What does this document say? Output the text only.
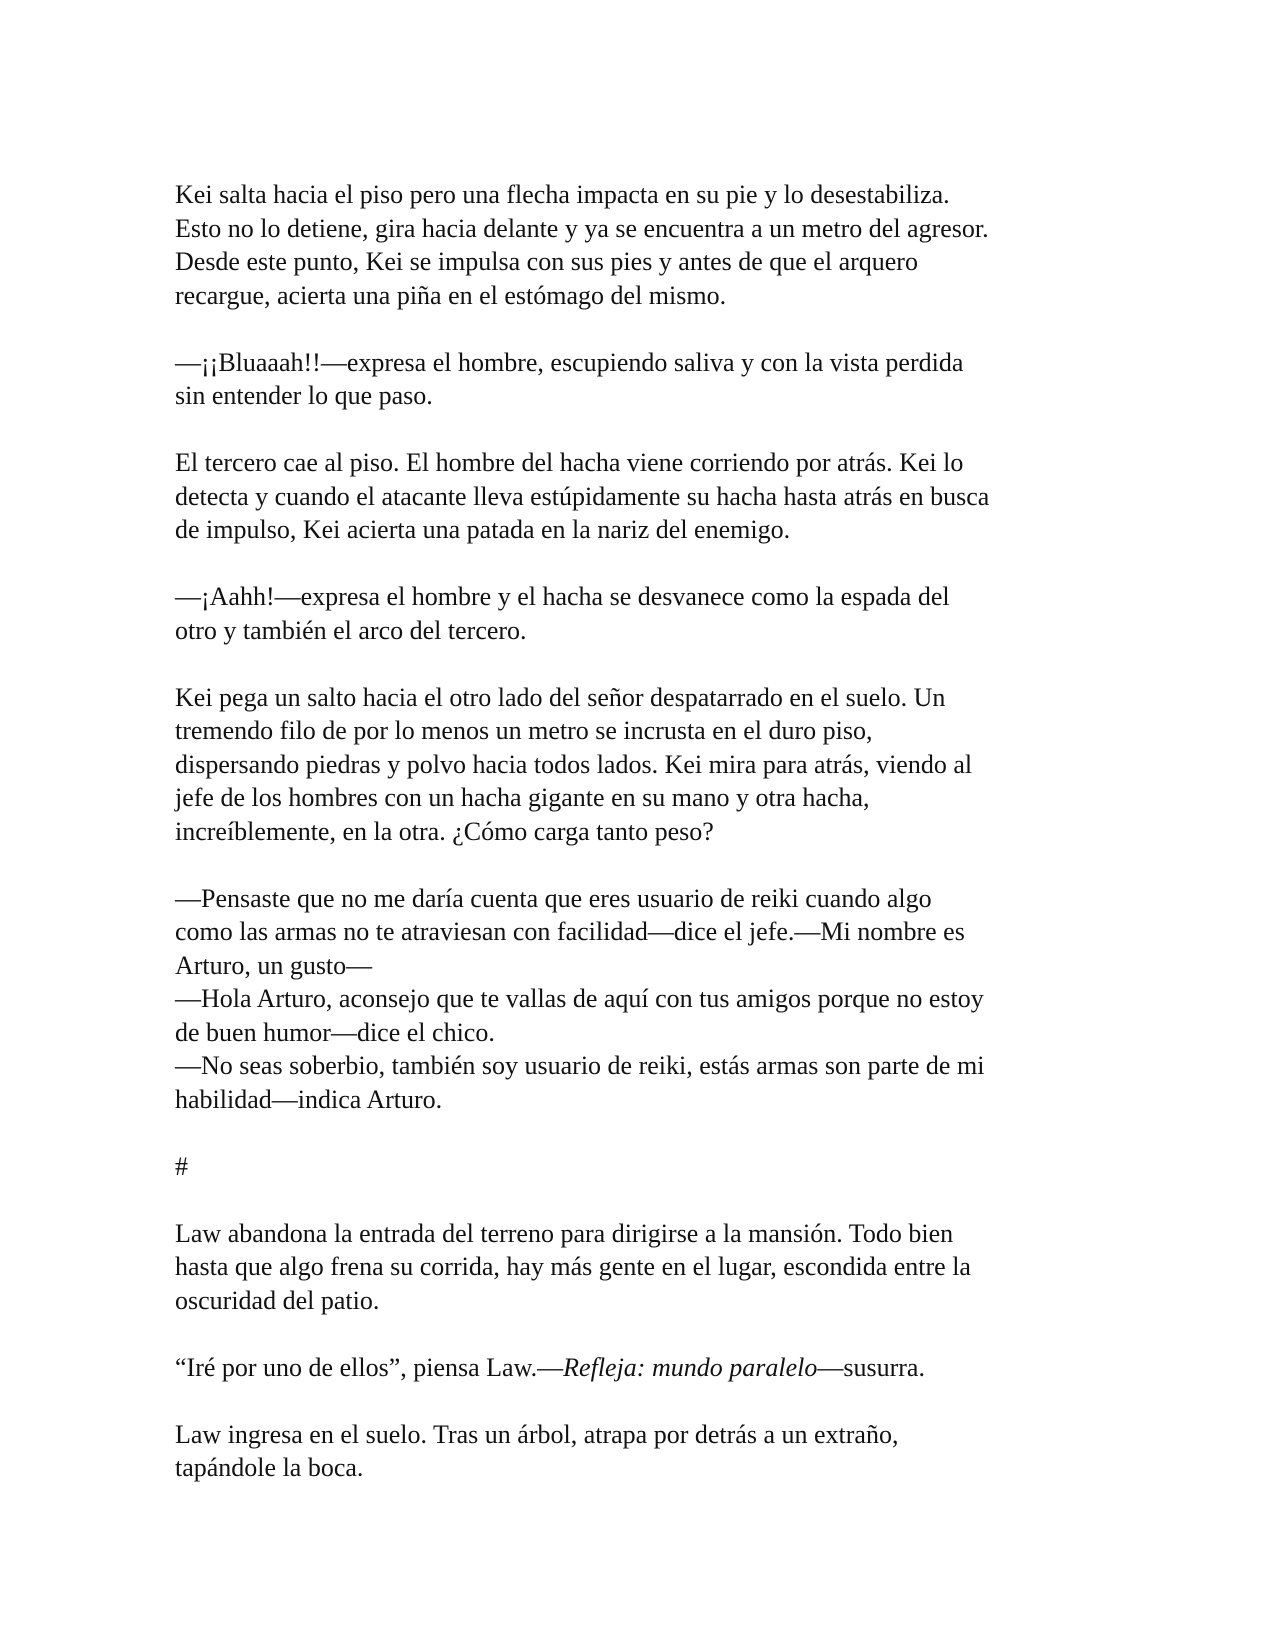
Kei salta hacia el piso pero una flecha impacta en su pie y lo desestabiliza.
Esto no lo detiene, gira hacia delante y ya se encuentra a un metro del agresor.
Desde este punto, Kei se impulsa con sus pies y antes de que el arquero
recargue, acierta una piña en el estómago del mismo.

—¡¡Bluaaah!!—expresa el hombre, escupiendo saliva y con la vista perdida
sin entender lo que paso.

El tercero cae al piso. El hombre del hacha viene corriendo por atrás. Kei lo
detecta y cuando el atacante lleva estúpidamente su hacha hasta atrás en busca
de impulso, Kei acierta una patada en la nariz del enemigo.

—¡Aahh!—expresa el hombre y el hacha se desvanece como la espada del
otro y también el arco del tercero.

Kei pega un salto hacia el otro lado del señor despatarrado en el suelo. Un
tremendo filo de por lo menos un metro se incrusta en el duro piso,
dispersando piedras y polvo hacia todos lados. Kei mira para atrás, viendo al
jefe de los hombres con un hacha gigante en su mano y otra hacha,
increíblemente, en la otra. ¿Cómo carga tanto peso?

—Pensaste que no me daría cuenta que eres usuario de reiki cuando algo
como las armas no te atraviesan con facilidad—dice el jefe.—Mi nombre es
Arturo, un gusto—
—Hola Arturo, aconsejo que te vallas de aquí con tus amigos porque no estoy
de buen humor—dice el chico.
—No seas soberbio, también soy usuario de reiki, estás armas son parte de mi
habilidad—indica Arturo.

#

Law abandona la entrada del terreno para dirigirse a la mansión. Todo bien
hasta que algo frena su corrida, hay más gente en el lugar, escondida entre la
oscuridad del patio.

“Iré por uno de ellos”, piensa Law.—Refleja: mundo paralelo—susurra.

Law ingresa en el suelo. Tras un árbol, atrapa por detrás a un extraño,
tapándole la boca.
